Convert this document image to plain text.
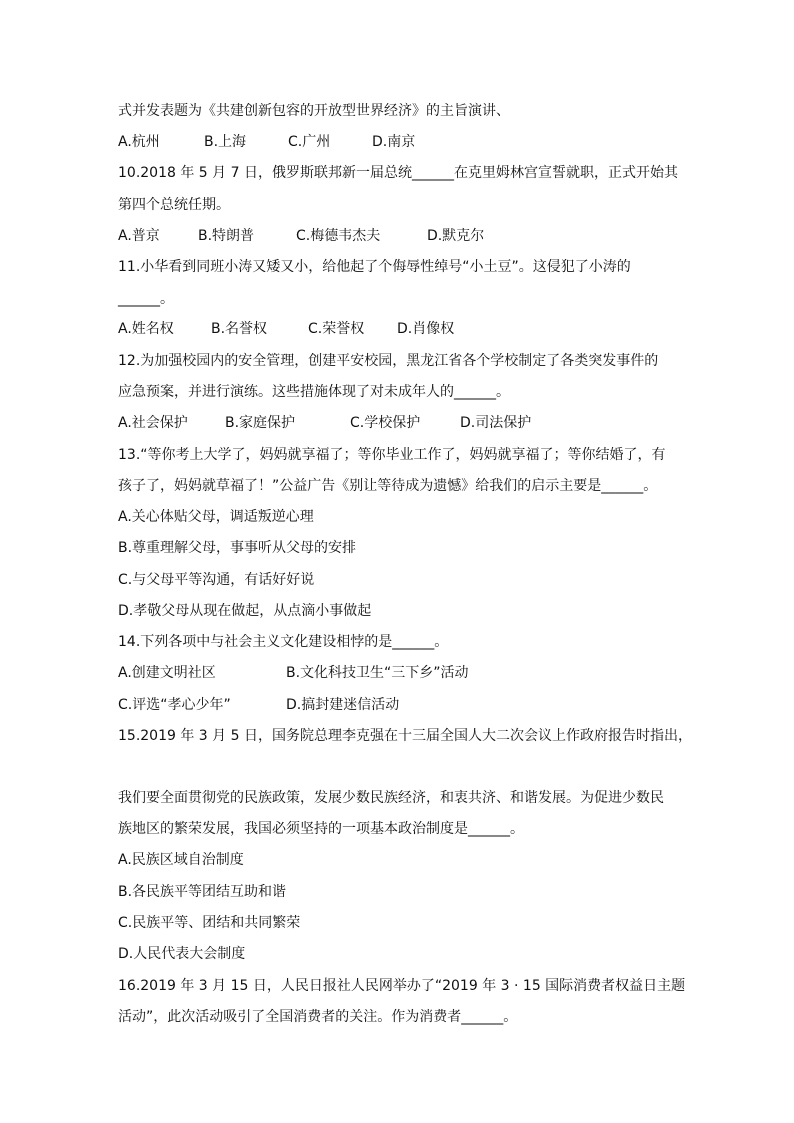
式并发表题为《共建创新包容的开放型世界经济》的主旨演讲、
A.杭州	B.上海	C.广州	D.南京
10.2018 年 5 月 7 日，俄罗斯联邦新一届总统______在克里姆林宫宣誓就职，正式开始其
第四个总统任期。
A.普京	B.特朗普	C.梅德韦杰夫	D.默克尔
11.小华看到同班小涛又矮又小，给他起了个侮辱性绰号“小土豆”。这侵犯了小涛的
______。
A.姓名权	B.名誉权	C.荣誉权	D.肖像权
12.为加强校园内的安全管理，创建平安校园，黑龙江省各个学校制定了各类突发事件的
应急预案，并进行演练。这些措施体现了对未成年人的______。
A.社会保护	B.家庭保护	C.学校保护	D.司法保护
13.“等你考上大学了，妈妈就享福了；等你毕业工作了，妈妈就享福了；等你结婚了，有
孩子了，妈妈就草福了！”公益广告《别让等待成为遗憾》给我们的启示主要是______。
A.关心体贴父母，调适叛逆心理
B.尊重理解父母，事事听从父母的安排
C.与父母平等沟通，有话好好说
D.孝敬父母从现在做起，从点滴小事做起
14.下列各项中与社会主义文化建设相悖的是______。
A.创建文明社区	B.文化科技卫生“三下乡”活动
C.评选“孝心少年”	D.搞封建迷信活动
15.2019 年 3 月 5 日，国务院总理李克强在十三届全国人大二次会议上作政府报告时指出，
我们要全面贯彻党的民族政策，发展少数民族经济，和衷共济、和谐发展。为促进少数民
族地区的繁荣发展，我国必须坚持的一项基本政治制度是______。
A.民族区域自治制度
B.各民族平等团结互助和谐
C.民族平等、团结和共同繁荣
D.人民代表大会制度
16.2019 年 3 月 15 日，人民日报社人民网举办了“2019 年 3 · 15 国际消费者权益日主题
活动”，此次活动吸引了全国消费者的关注。作为消费者______。
